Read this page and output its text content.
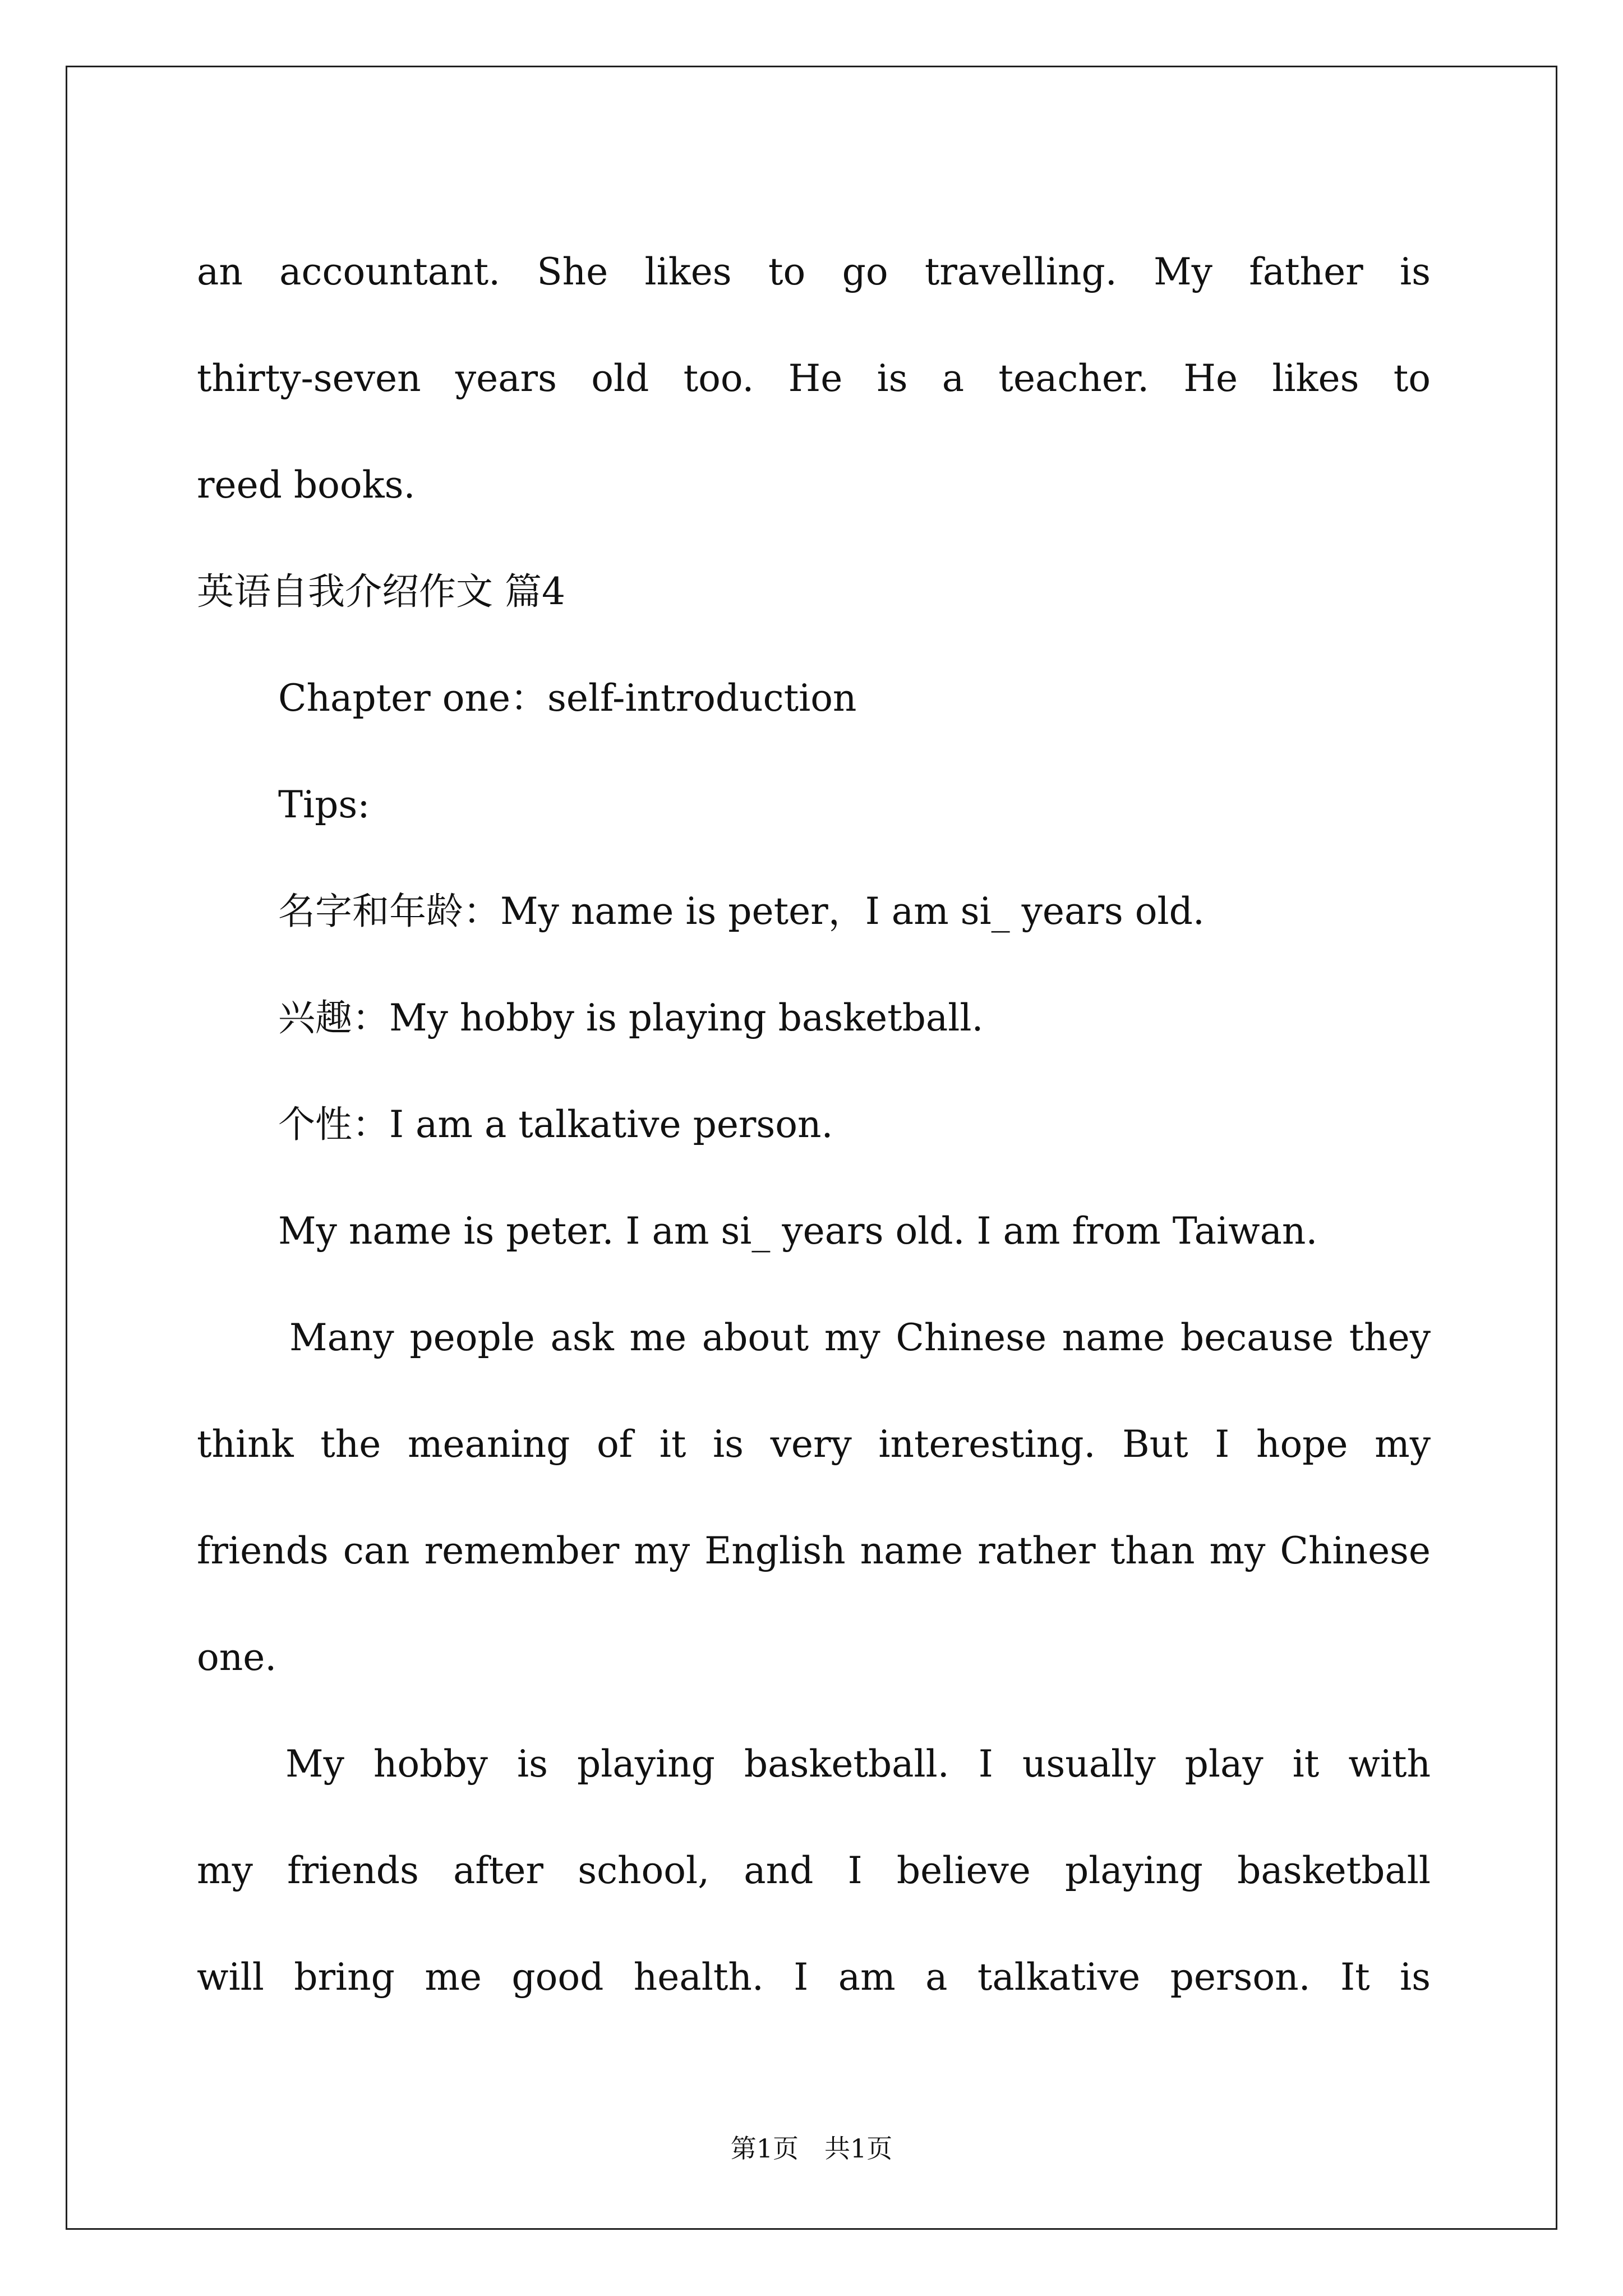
an accountant. She likes to go travelling. My father is

thirty-seven years old too. He is a teacher. He likes to

reed books.

英语自我介绍作文 篇4

Chapter one：self-introduction

Tips:

名字和年龄：My name is peter，I am si_ years old.

兴趣：My hobby is playing basketball.

个性：I am a talkative person.

My name is peter. I am si_ years old. I am from Taiwan.

Many people ask me about my Chinese name because they

think the meaning of it is very interesting. But I hope my

friends can remember my English name rather than my Chinese

one.

My hobby is playing basketball. I usually play it with

my friends after school, and I believe playing basketball

will bring me good health. I am a talkative person. It is

第1页　共1页
